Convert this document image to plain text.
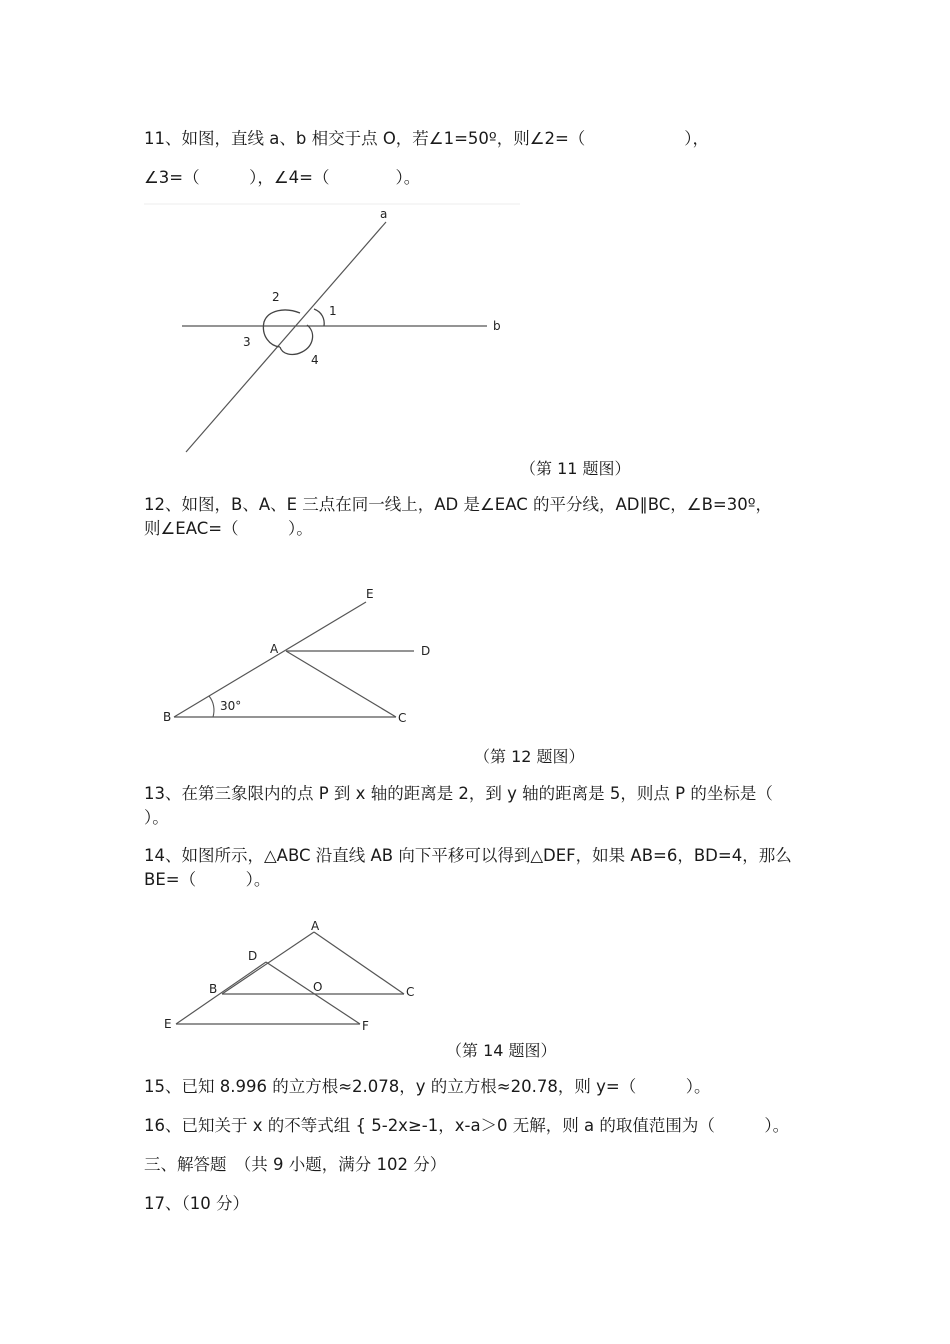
11、如图，直线 a、b 相交于点 O，若∠1=50º，则∠2=（　　　　　　），
∠3=（　　　），∠4=（　　　　）。
a
b
1
2
3
4
（第 11 题图）
12、如图，B、A、E 三点在同一线上，AD 是∠EAC 的平分线，AD∥BC，∠B=30º，
则∠EAC=（　　　）。
E
A	D
B	C
30°
（第 12 题图）
13、在第三象限内的点 P 到 x 轴的距离是 2，到 y 轴的距离是 5，则点 P 的坐标是（
）。
14、如图所示，△ABC 沿直线 AB 向下平移可以得到△DEF，如果 AB=6，BD=4，那么
BE=（　　　）。
A
D
B	O	C
E	F
（第 14 题图）
15、已知 8.996 的立方根≈2.078，y 的立方根≈20.78，则 y=（　　　）。
16、已知关于 x 的不等式组 { 5-2x≥-1，x-a＞0 无解，则 a 的取值范围为（　　　）。
三、解答题　（共 9 小题，满分 102 分）
17、（10 分）
